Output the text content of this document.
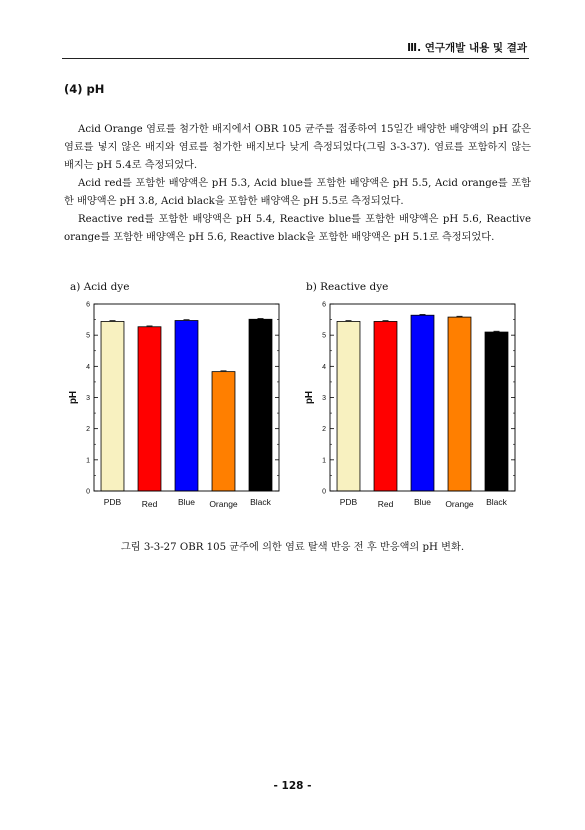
Ⅲ. 연구개발 내용 및 결과
(4) pH

Acid Orange 염료를 첨가한 배지에서 OBR 105 균주를 접종하여 15일간 배양한 배양액의 pH 값은 염료를 넣지 않은 배지와 염료를 첨가한 배지보다 낮게 측정되었다(그림 3-3-37). 염료를 포함하지 않는 배지는 pH 5.4로 측정되었다.

Acid red를 포함한 배양액은 pH 5.3, Acid blue를 포함한 배양액은 pH 5.5, Acid orange를 포함한 배양액은 pH 3.8, Acid black을 포함한 배양액은 pH 5.5로 측정되었다.

Reactive red를 포함한 배양액은 pH 5.4, Reactive blue를 포함한 배양액은 pH 5.6, Reactive orange를 포함한 배양액은 pH 5.6, Reactive black을 포함한 배양액은 pH 5.1로 측정되었다.

a) Acid dye	b) Reactive dye
PDB Red Blue Orange Black
0
1
2
3
4
5
6
pH
PDB Red Blue Orange Black
0
1
2
3
4
5
6
pH
그림 3-3-27 OBR 105 균주에 의한 염료 탈색 반응 전 후 반응액의 pH 변화.
- 128 -
